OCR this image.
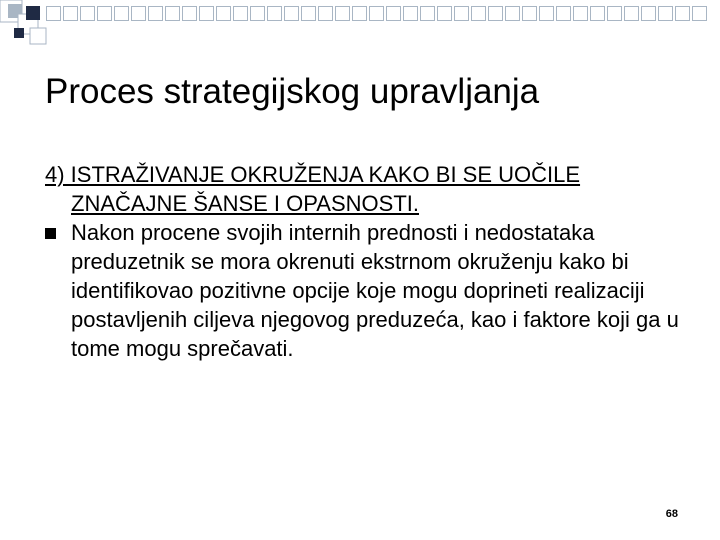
Proces strategijskog upravljanja

4) ISTRAŽIVANJE OKRUŽENJA KAKO BI SE UOČILE ZNAČAJNE ŠANSE I OPASNOSTI.

Nakon procene svojih internih prednosti i nedostataka preduzetnik se mora okrenuti ekstrnom okruženju kako bi identifikovao pozitivne opcije koje mogu doprineti realizaciji postavljenih ciljeva njegovog preduzeća, kao i faktore koji ga u tome mogu sprečavati.
68
